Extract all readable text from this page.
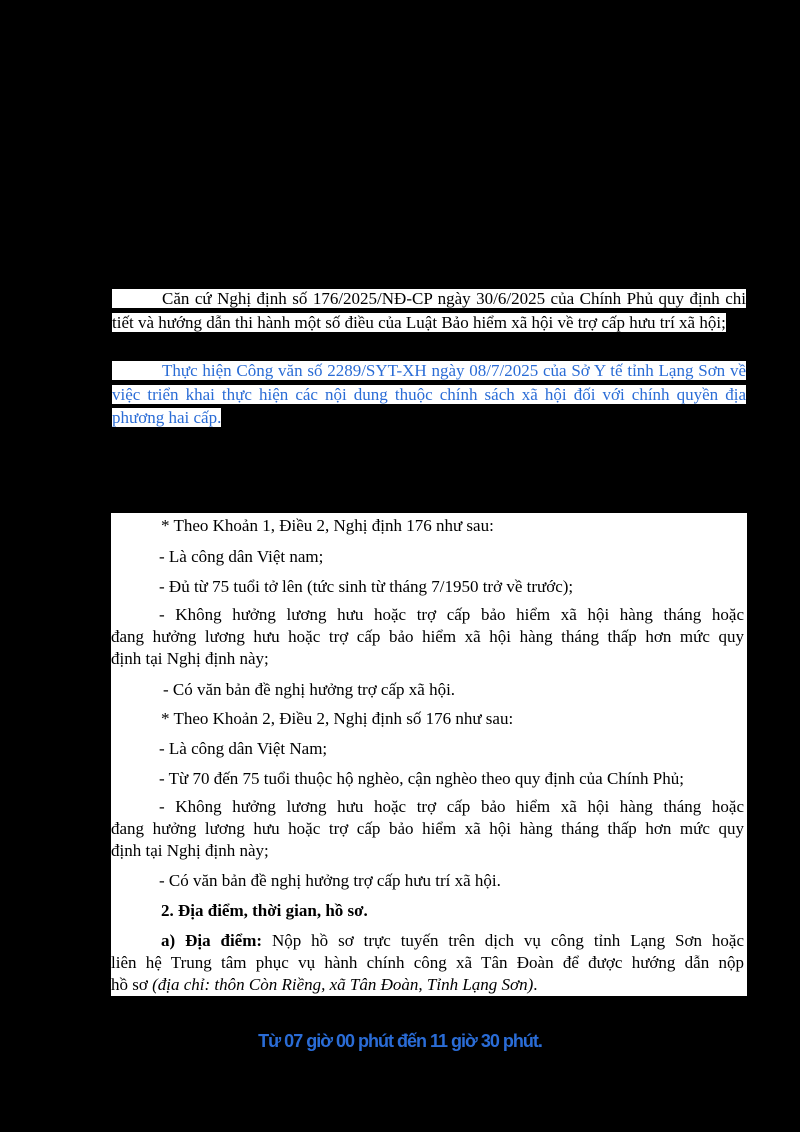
Căn cứ Nghị định số 176/2025/NĐ-CP ngày 30/6/2025 của Chính Phủ quy định chi tiết và hướng dẫn thi hành một số điều của Luật Bảo hiểm xã hội về trợ cấp hưu trí xã hội;
Thực hiện Công văn số 2289/SYT-XH ngày 08/7/2025 của Sở Y tế tỉnh Lạng Sơn về việc triển khai thực hiện các nội dung thuộc chính sách xã hội đối với chính quyền địa phương hai cấp.
* Theo Khoản 1, Điều 2, Nghị định 176 như sau:
- Là công dân Việt nam;
- Đủ từ 75 tuổi tở lên (tức sinh từ tháng 7/1950 trở về trước);
- Không hưởng lương hưu hoặc trợ cấp bảo hiểm xã hội hàng tháng hoặc
đang hưởng lương hưu hoặc trợ cấp bảo hiểm xã hội hàng tháng thấp hơn mức quy
định tại Nghị định này;
- Có văn bản đề nghị hưởng trợ cấp xã hội.
* Theo Khoản 2, Điều 2, Nghị định số 176 như sau:
- Là công dân Việt Nam;
- Từ 70 đến 75 tuổi thuộc hộ nghèo, cận nghèo theo quy định của Chính Phủ;
- Không hưởng lương hưu hoặc trợ cấp bảo hiểm xã hội hàng tháng hoặc
đang hưởng lương hưu hoặc trợ cấp bảo hiểm xã hội hàng tháng thấp hơn mức quy
định tại Nghị định này;
- Có văn bản đề nghị hưởng trợ cấp hưu trí xã hội.
2. Địa điểm, thời gian, hồ sơ.
a) Địa điểm: Nộp hồ sơ trực tuyến trên dịch vụ công tỉnh Lạng Sơn hoặc
liên hệ Trung tâm phục vụ hành chính công xã Tân Đoàn để được hướng dẫn nộp
hồ sơ (địa chỉ: thôn Còn Riềng, xã Tân Đoàn, Tỉnh Lạng Sơn).
Từ 07 giờ 00 phút đến 11 giờ 30 phút.
